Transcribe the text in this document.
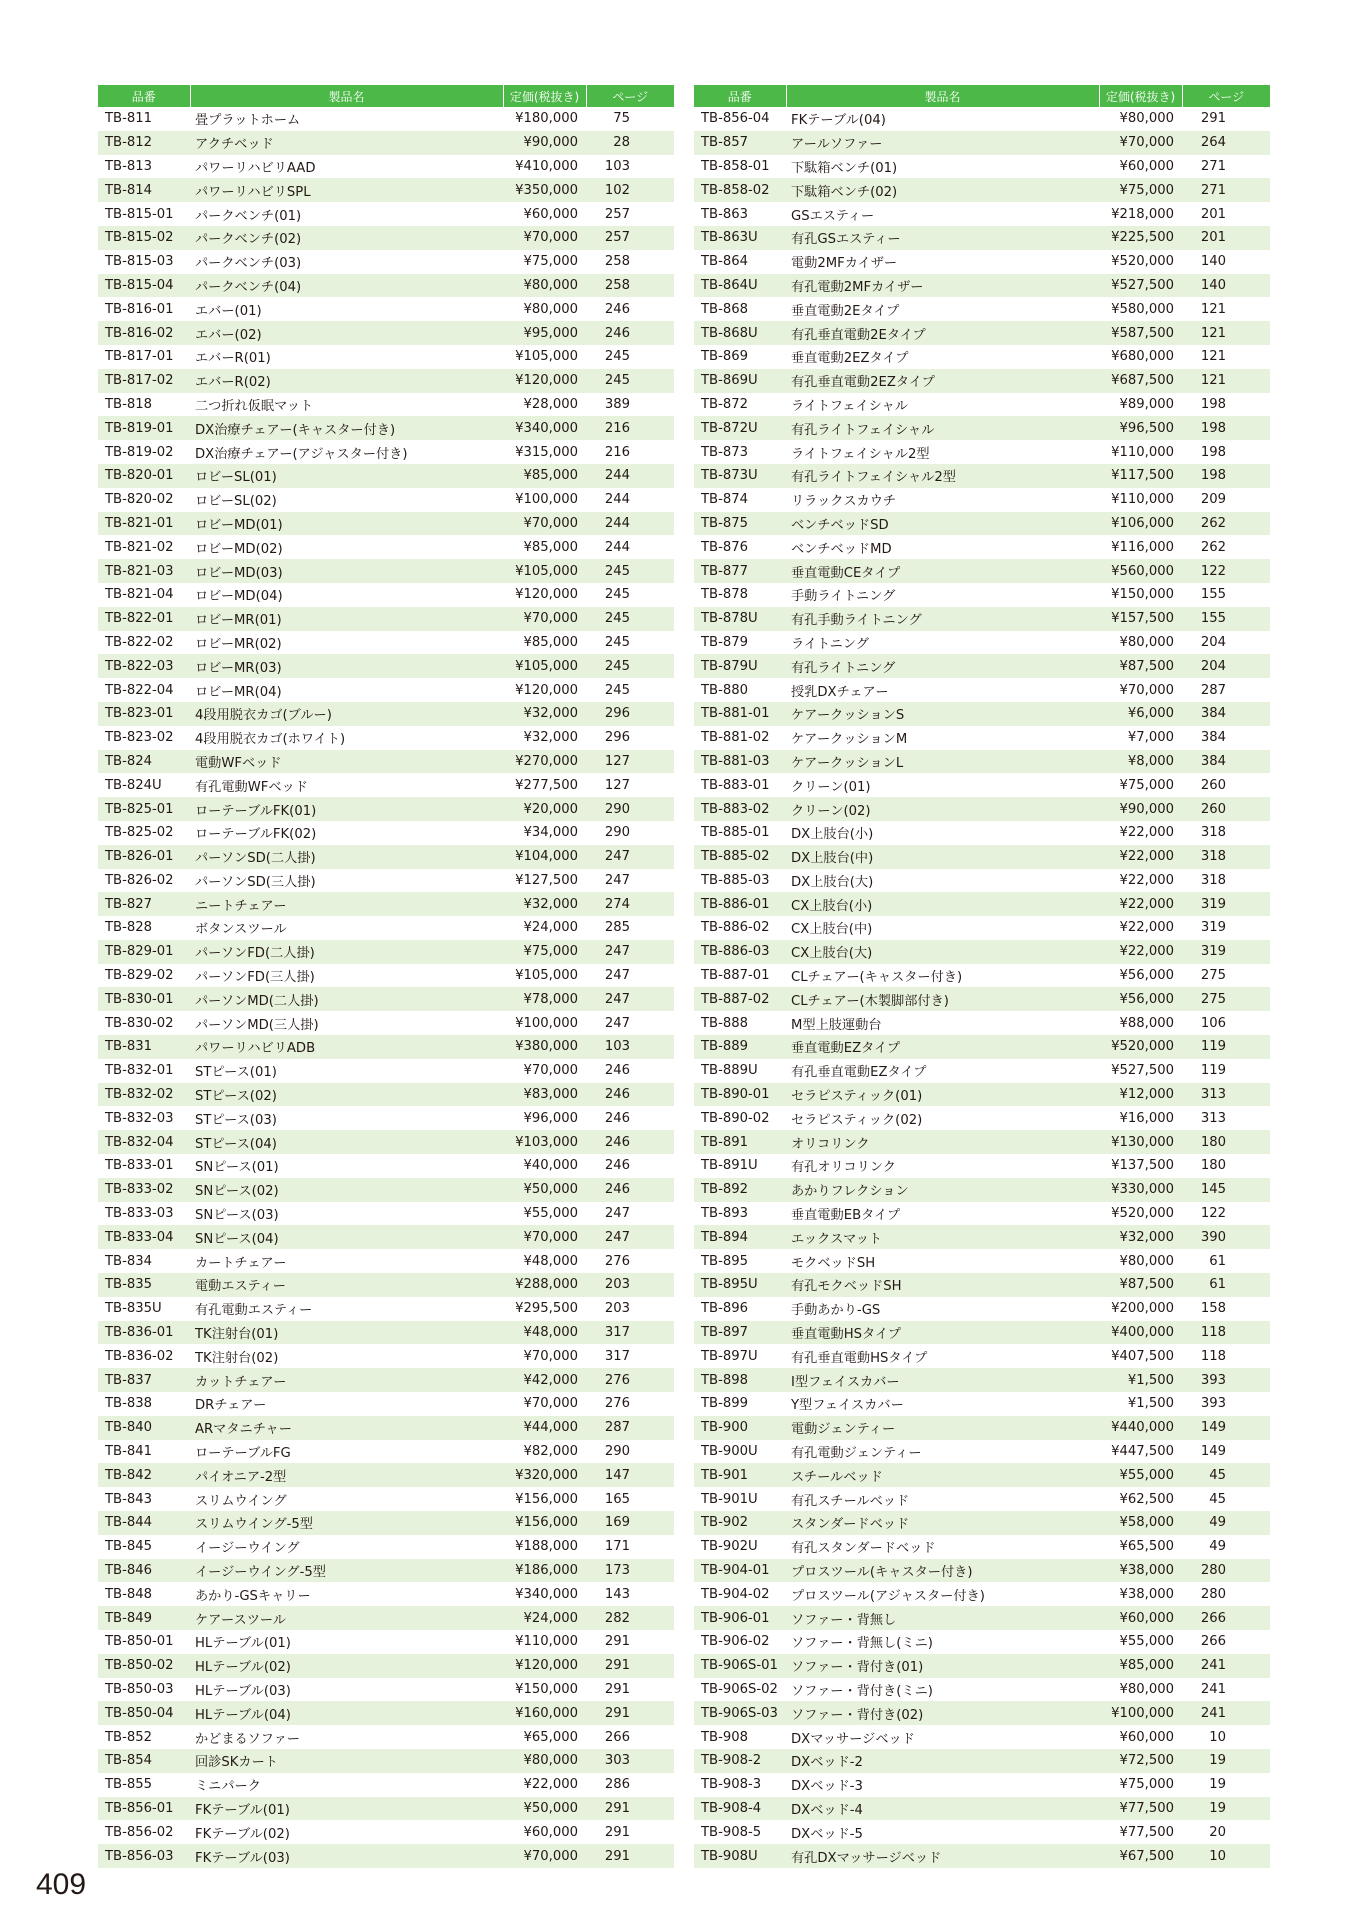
品番	製品名	定価(税抜き)	ページ
TB-811	畳プラットホーム	¥180,000	75
TB-812	アクチベッド	¥90,000	28
TB-813	パワーリハビリAAD	¥410,000	103
TB-814	パワーリハビリSPL	¥350,000	102
TB-815-01	パークベンチ(01)	¥60,000	257
TB-815-02	パークベンチ(02)	¥70,000	257
TB-815-03	パークベンチ(03)	¥75,000	258
TB-815-04	パークベンチ(04)	¥80,000	258
TB-816-01	エバー(01)	¥80,000	246
TB-816-02	エバー(02)	¥95,000	246
TB-817-01	エバーR(01)	¥105,000	245
TB-817-02	エバーR(02)	¥120,000	245
TB-818	二つ折れ仮眠マット	¥28,000	389
TB-819-01	DX治療チェアー(キャスター付き)	¥340,000	216
TB-819-02	DX治療チェアー(アジャスター付き)	¥315,000	216
TB-820-01	ロビーSL(01)	¥85,000	244
TB-820-02	ロビーSL(02)	¥100,000	244
TB-821-01	ロビーMD(01)	¥70,000	244
TB-821-02	ロビーMD(02)	¥85,000	244
TB-821-03	ロビーMD(03)	¥105,000	245
TB-821-04	ロビーMD(04)	¥120,000	245
TB-822-01	ロビーMR(01)	¥70,000	245
TB-822-02	ロビーMR(02)	¥85,000	245
TB-822-03	ロビーMR(03)	¥105,000	245
TB-822-04	ロビーMR(04)	¥120,000	245
TB-823-01	4段用脱衣カゴ(ブルー)	¥32,000	296
TB-823-02	4段用脱衣カゴ(ホワイト)	¥32,000	296
TB-824	電動WFベッド	¥270,000	127
TB-824U	有孔電動WFベッド	¥277,500	127
TB-825-01	ローテーブルFK(01)	¥20,000	290
TB-825-02	ローテーブルFK(02)	¥34,000	290
TB-826-01	パーソンSD(二人掛)	¥104,000	247
TB-826-02	パーソンSD(三人掛)	¥127,500	247
TB-827	ニートチェアー	¥32,000	274
TB-828	ボタンスツール	¥24,000	285
TB-829-01	パーソンFD(二人掛)	¥75,000	247
TB-829-02	パーソンFD(三人掛)	¥105,000	247
TB-830-01	パーソンMD(二人掛)	¥78,000	247
TB-830-02	パーソンMD(三人掛)	¥100,000	247
TB-831	パワーリハビリADB	¥380,000	103
TB-832-01	STピース(01)	¥70,000	246
TB-832-02	STピース(02)	¥83,000	246
TB-832-03	STピース(03)	¥96,000	246
TB-832-04	STピース(04)	¥103,000	246
TB-833-01	SNピース(01)	¥40,000	246
TB-833-02	SNピース(02)	¥50,000	246
TB-833-03	SNピース(03)	¥55,000	247
TB-833-04	SNピース(04)	¥70,000	247
TB-834	カートチェアー	¥48,000	276
TB-835	電動エスティー	¥288,000	203
TB-835U	有孔電動エスティー	¥295,500	203
TB-836-01	TK注射台(01)	¥48,000	317
TB-836-02	TK注射台(02)	¥70,000	317
TB-837	カットチェアー	¥42,000	276
TB-838	DRチェアー	¥70,000	276
TB-840	ARマタニチャー	¥44,000	287
TB-841	ローテーブルFG	¥82,000	290
TB-842	パイオニア-2型	¥320,000	147
TB-843	スリムウイング	¥156,000	165
TB-844	スリムウイング-5型	¥156,000	169
TB-845	イージーウイング	¥188,000	171
TB-846	イージーウイング-5型	¥186,000	173
TB-848	あかり-GSキャリー	¥340,000	143
TB-849	ケアースツール	¥24,000	282
TB-850-01	HLテーブル(01)	¥110,000	291
TB-850-02	HLテーブル(02)	¥120,000	291
TB-850-03	HLテーブル(03)	¥150,000	291
TB-850-04	HLテーブル(04)	¥160,000	291
TB-852	かどまるソファー	¥65,000	266
TB-854	回診SKカート	¥80,000	303
TB-855	ミニパーク	¥22,000	286
TB-856-01	FKテーブル(01)	¥50,000	291
TB-856-02	FKテーブル(02)	¥60,000	291
TB-856-03	FKテーブル(03)	¥70,000	291
品番	製品名	定価(税抜き)	ページ
TB-856-04	FKテーブル(04)	¥80,000	291
TB-857	アールソファー	¥70,000	264
TB-858-01	下駄箱ベンチ(01)	¥60,000	271
TB-858-02	下駄箱ベンチ(02)	¥75,000	271
TB-863	GSエスティー	¥218,000	201
TB-863U	有孔GSエスティー	¥225,500	201
TB-864	電動2MFカイザー	¥520,000	140
TB-864U	有孔電動2MFカイザー	¥527,500	140
TB-868	垂直電動2Eタイプ	¥580,000	121
TB-868U	有孔垂直電動2Eタイプ	¥587,500	121
TB-869	垂直電動2EZタイプ	¥680,000	121
TB-869U	有孔垂直電動2EZタイプ	¥687,500	121
TB-872	ライトフェイシャル	¥89,000	198
TB-872U	有孔ライトフェイシャル	¥96,500	198
TB-873	ライトフェイシャル2型	¥110,000	198
TB-873U	有孔ライトフェイシャル2型	¥117,500	198
TB-874	リラックスカウチ	¥110,000	209
TB-875	ベンチベッドSD	¥106,000	262
TB-876	ベンチベッドMD	¥116,000	262
TB-877	垂直電動CEタイプ	¥560,000	122
TB-878	手動ライトニング	¥150,000	155
TB-878U	有孔手動ライトニング	¥157,500	155
TB-879	ライトニング	¥80,000	204
TB-879U	有孔ライトニング	¥87,500	204
TB-880	授乳DXチェアー	¥70,000	287
TB-881-01	ケアークッションS	¥6,000	384
TB-881-02	ケアークッションM	¥7,000	384
TB-881-03	ケアークッションL	¥8,000	384
TB-883-01	クリーン(01)	¥75,000	260
TB-883-02	クリーン(02)	¥90,000	260
TB-885-01	DX上肢台(小)	¥22,000	318
TB-885-02	DX上肢台(中)	¥22,000	318
TB-885-03	DX上肢台(大)	¥22,000	318
TB-886-01	CX上肢台(小)	¥22,000	319
TB-886-02	CX上肢台(中)	¥22,000	319
TB-886-03	CX上肢台(大)	¥22,000	319
TB-887-01	CLチェアー(キャスター付き)	¥56,000	275
TB-887-02	CLチェアー(木製脚部付き)	¥56,000	275
TB-888	M型上肢運動台	¥88,000	106
TB-889	垂直電動EZタイプ	¥520,000	119
TB-889U	有孔垂直電動EZタイプ	¥527,500	119
TB-890-01	セラピスティック(01)	¥12,000	313
TB-890-02	セラピスティック(02)	¥16,000	313
TB-891	オリコリンク	¥130,000	180
TB-891U	有孔オリコリンク	¥137,500	180
TB-892	あかりフレクション	¥330,000	145
TB-893	垂直電動EBタイプ	¥520,000	122
TB-894	エックスマット	¥32,000	390
TB-895	モクベッドSH	¥80,000	61
TB-895U	有孔モクベッドSH	¥87,500	61
TB-896	手動あかり-GS	¥200,000	158
TB-897	垂直電動HSタイプ	¥400,000	118
TB-897U	有孔垂直電動HSタイプ	¥407,500	118
TB-898	I型フェイスカバー	¥1,500	393
TB-899	Y型フェイスカバー	¥1,500	393
TB-900	電動ジェンティー	¥440,000	149
TB-900U	有孔電動ジェンティー	¥447,500	149
TB-901	スチールベッド	¥55,000	45
TB-901U	有孔スチールベッド	¥62,500	45
TB-902	スタンダードベッド	¥58,000	49
TB-902U	有孔スタンダードベッド	¥65,500	49
TB-904-01	プロスツール(キャスター付き)	¥38,000	280
TB-904-02	プロスツール(アジャスター付き)	¥38,000	280
TB-906-01	ソファー・背無し	¥60,000	266
TB-906-02	ソファー・背無し(ミニ)	¥55,000	266
TB-906S-01	ソファー・背付き(01)	¥85,000	241
TB-906S-02	ソファー・背付き(ミニ)	¥80,000	241
TB-906S-03	ソファー・背付き(02)	¥100,000	241
TB-908	DXマッサージベッド	¥60,000	10
TB-908-2	DXベッド-2	¥72,500	19
TB-908-3	DXベッド-3	¥75,000	19
TB-908-4	DXベッド-4	¥77,500	19
TB-908-5	DXベッド-5	¥77,500	20
TB-908U	有孔DXマッサージベッド	¥67,500	10
409
